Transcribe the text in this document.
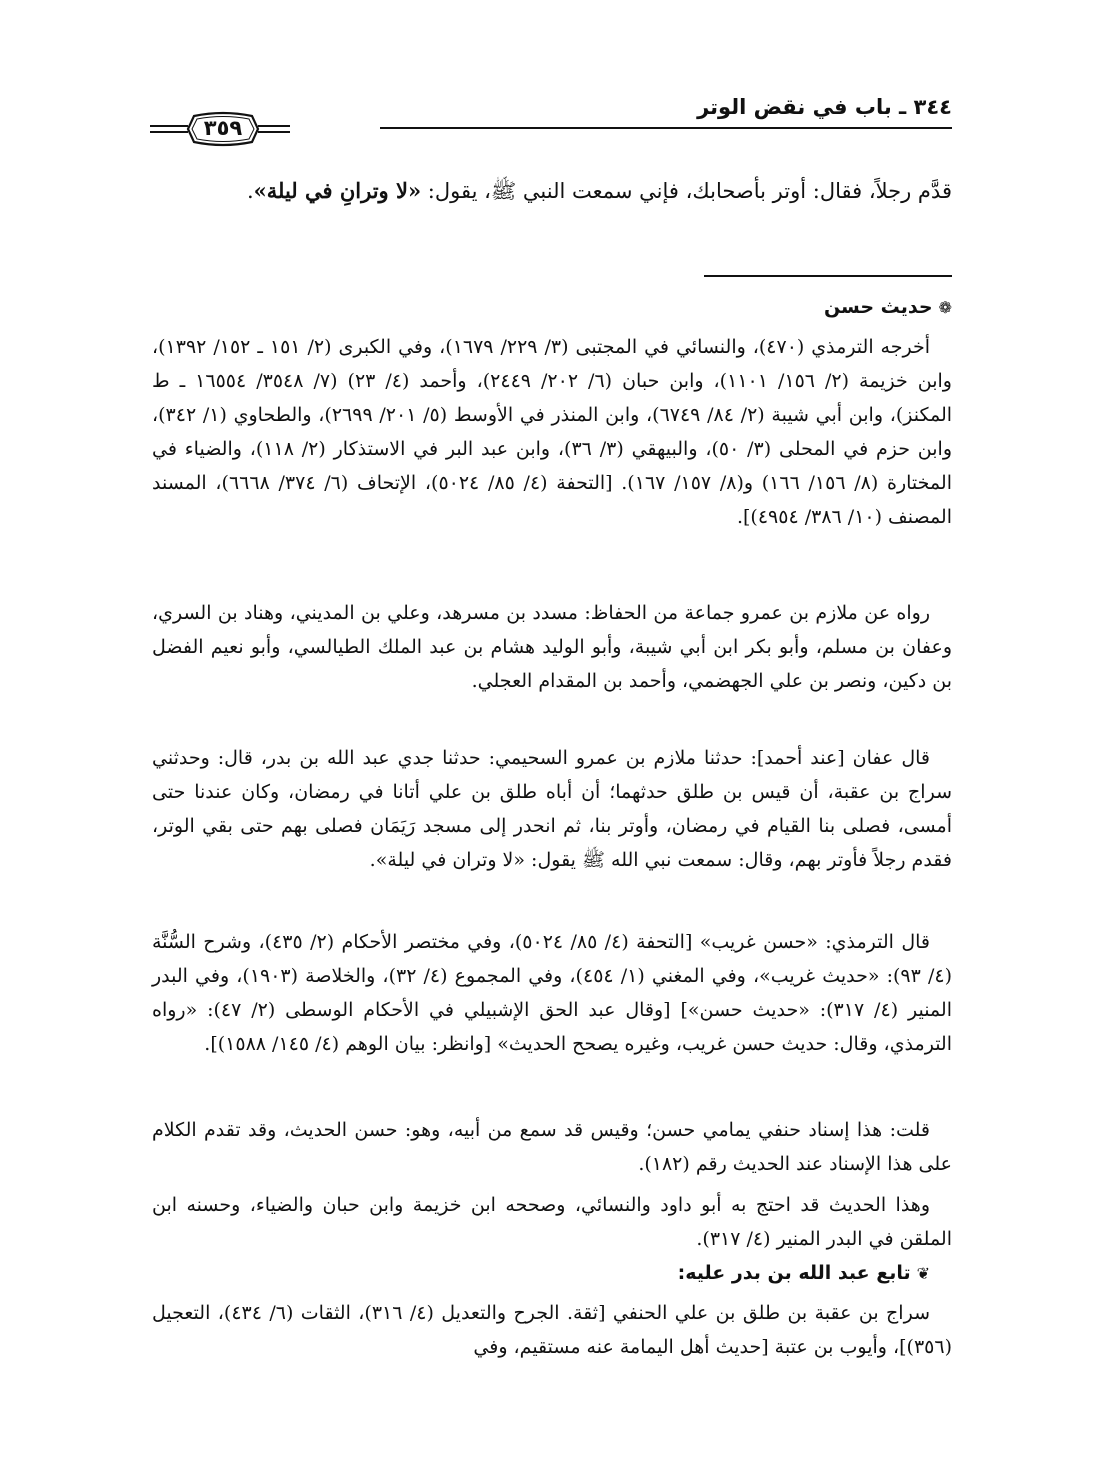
٣٤٤ ـ باب في نقض الوتر
٣٥٩
قدَّم رجلاً، فقال: أوتر بأصحابك، فإني سمعت النبي ﷺ، يقول: «لا وترانِ في ليلة».
❁حديث حسن
أخرجه الترمذي (٤٧٠)، والنسائي في المجتبى (٣/ ٢٢٩/ ١٦٧٩)، وفي الكبرى (٢/ ١٥١ ـ ١٥٢/ ١٣٩٢)، وابن خزيمة (٢/ ١٥٦/ ١١٠١)، وابن حبان (٦/ ٢٠٢/ ٢٤٤٩)، وأحمد (٤/ ٢٣) (٧/ ٣٥٤٨/ ١٦٥٥٤ ـ ط المكنز)، وابن أبي شيبة (٢/ ٨٤/ ٦٧٤٩)، وابن المنذر في الأوسط (٥/ ٢٠١/ ٢٦٩٩)، والطحاوي (١/ ٣٤٢)، وابن حزم في المحلى (٣/ ٥٠)، والبيهقي (٣/ ٣٦)، وابن عبد البر في الاستذكار (٢/ ١١٨)، والضياء في المختارة (٨/ ١٥٦/ ١٦٦) و(٨/ ١٥٧/ ١٦٧). [التحفة (٤/ ٨٥/ ٥٠٢٤)، الإتحاف (٦/ ٣٧٤/ ٦٦٦٨)، المسند المصنف (١٠/ ٣٨٦/ ٤٩٥٤)].
رواه عن ملازم بن عمرو جماعة من الحفاظ: مسدد بن مسرهد، وعلي بن المديني، وهناد بن السري، وعفان بن مسلم، وأبو بكر ابن أبي شيبة، وأبو الوليد هشام بن عبد الملك الطيالسي، وأبو نعيم الفضل بن دكين، ونصر بن علي الجهضمي، وأحمد بن المقدام العجلي.
قال عفان [عند أحمد]: حدثنا ملازم بن عمرو السحيمي: حدثنا جدي عبد الله بن بدر، قال: وحدثني سراج بن عقبة، أن قيس بن طلق حدثهما؛ أن أباه طلق بن علي أتانا في رمضان، وكان عندنا حتى أمسى، فصلى بنا القيام في رمضان، وأوتر بنا، ثم انحدر إلى مسجد رَيَمَان فصلى بهم حتى بقي الوتر، فقدم رجلاً فأوتر بهم، وقال: سمعت نبي الله ﷺ يقول: «لا وتران في ليلة».
قال الترمذي: «حسن غريب» [التحفة (٤/ ٨٥/ ٥٠٢٤)، وفي مختصر الأحكام (٢/ ٤٣٥)، وشرح السُّنَّة (٤/ ٩٣): «حديث غريب»، وفي المغني (١/ ٤٥٤)، وفي المجموع (٤/ ٣٢)، والخلاصة (١٩٠٣)، وفي البدر المنير (٤/ ٣١٧): «حديث حسن»] [وقال عبد الحق الإشبيلي في الأحكام الوسطى (٢/ ٤٧): «رواه الترمذي، وقال: حديث حسن غريب، وغيره يصحح الحديث» [وانظر: بيان الوهم (٤/ ١٤٥/ ١٥٨٨)].
قلت: هذا إسناد حنفي يمامي حسن؛ وقيس قد سمع من أبيه، وهو: حسن الحديث، وقد تقدم الكلام على هذا الإسناد عند الحديث رقم (١٨٢).
وهذا الحديث قد احتج به أبو داود والنسائي، وصححه ابن خزيمة وابن حبان والضياء، وحسنه ابن الملقن في البدر المنير (٤/ ٣١٧).
❦تابع عبد الله بن بدر عليه:
سراج بن عقبة بن طلق بن علي الحنفي [ثقة. الجرح والتعديل (٤/ ٣١٦)، الثقات (٦/ ٤٣٤)، التعجيل (٣٥٦)]، وأيوب بن عتبة [حديث أهل اليمامة عنه مستقيم، وفي
